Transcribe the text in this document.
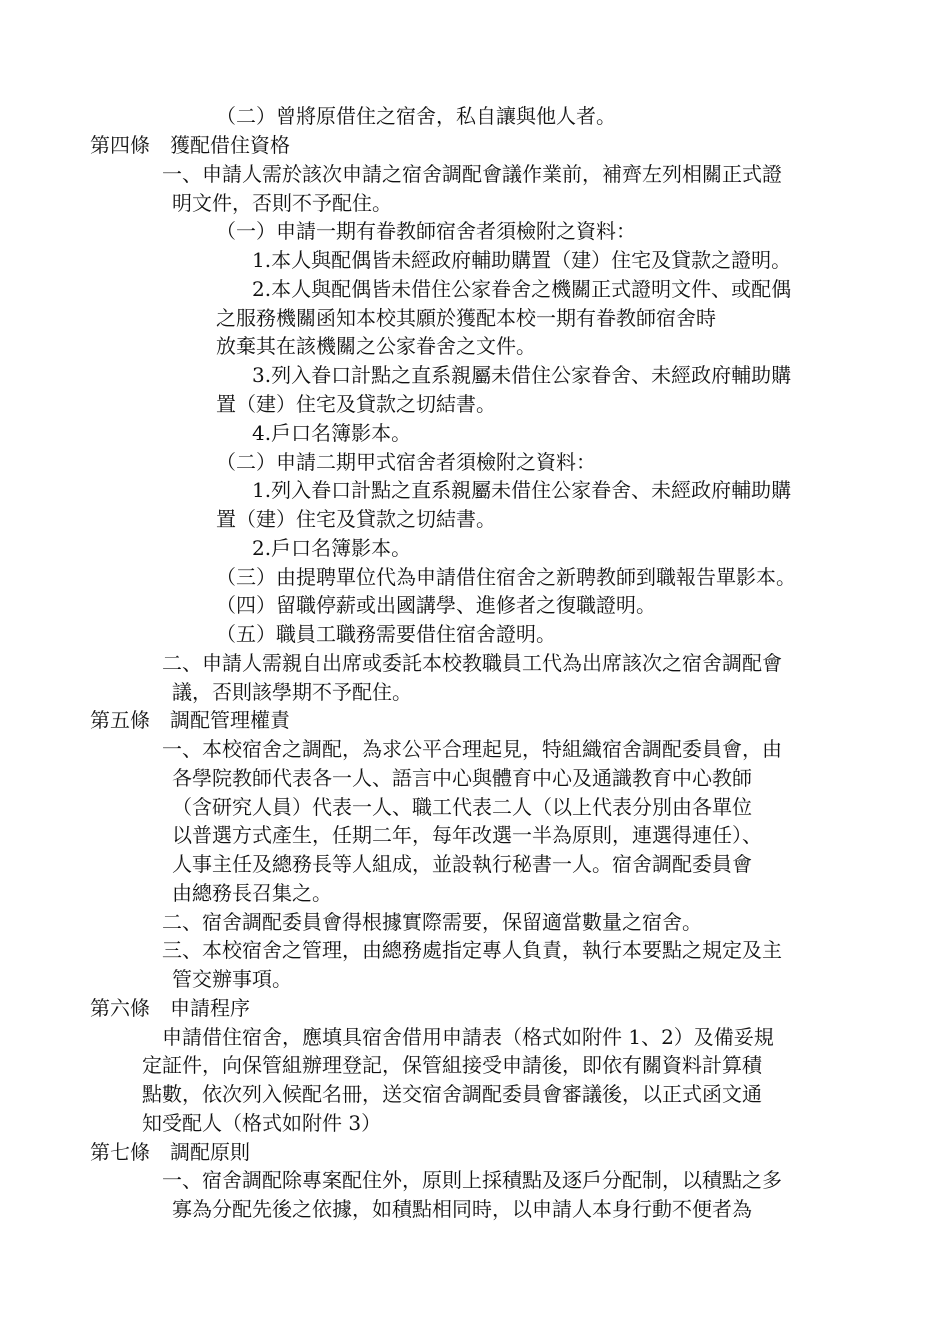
（二）曾將原借住之宿舍，私自讓與他人者。
第四條　獲配借住資格
一、申請人需於該次申請之宿舍調配會議作業前，補齊左列相關正式證
明文件，否則不予配住。
（一）申請一期有眷教師宿舍者須檢附之資料：
1.本人與配偶皆未經政府輔助購置（建）住宅及貸款之證明。
2.本人與配偶皆未借住公家眷舍之機關正式證明文件、或配偶
之服務機關函知本校其願於獲配本校一期有眷教師宿舍時
放棄其在該機關之公家眷舍之文件。
3.列入眷口計點之直系親屬未借住公家眷舍、未經政府輔助購
置（建）住宅及貸款之切結書。
4.戶口名簿影本。
（二）申請二期甲式宿舍者須檢附之資料：
1.列入眷口計點之直系親屬未借住公家眷舍、未經政府輔助購
置（建）住宅及貸款之切結書。
2.戶口名簿影本。
（三）由提聘單位代為申請借住宿舍之新聘教師到職報告單影本。
（四）留職停薪或出國講學、進修者之復職證明。
（五）職員工職務需要借住宿舍證明。
二、申請人需親自出席或委託本校教職員工代為出席該次之宿舍調配會
議，否則該學期不予配住。
第五條　調配管理權責
一、本校宿舍之調配，為求公平合理起見，特組織宿舍調配委員會，由
各學院教師代表各一人、語言中心與體育中心及通識教育中心教師
（含研究人員）代表一人、職工代表二人（以上代表分別由各單位
以普選方式產生，任期二年，每年改選一半為原則，連選得連任）、
人事主任及總務長等人組成，並設執行秘書一人。宿舍調配委員會
由總務長召集之。
二、宿舍調配委員會得根據實際需要，保留適當數量之宿舍。
三、本校宿舍之管理，由總務處指定專人負責，執行本要點之規定及主
管交辦事項。
第六條　申請程序
申請借住宿舍，應填具宿舍借用申請表（格式如附件 1、2）及備妥規
定証件，向保管組辦理登記，保管組接受申請後，即依有關資料計算積
點數，依次列入候配名冊，送交宿舍調配委員會審議後，以正式函文通
知受配人（格式如附件 3）
第七條　調配原則
一、宿舍調配除專案配住外，原則上採積點及逐戶分配制，以積點之多
寡為分配先後之依據，如積點相同時，以申請人本身行動不便者為
